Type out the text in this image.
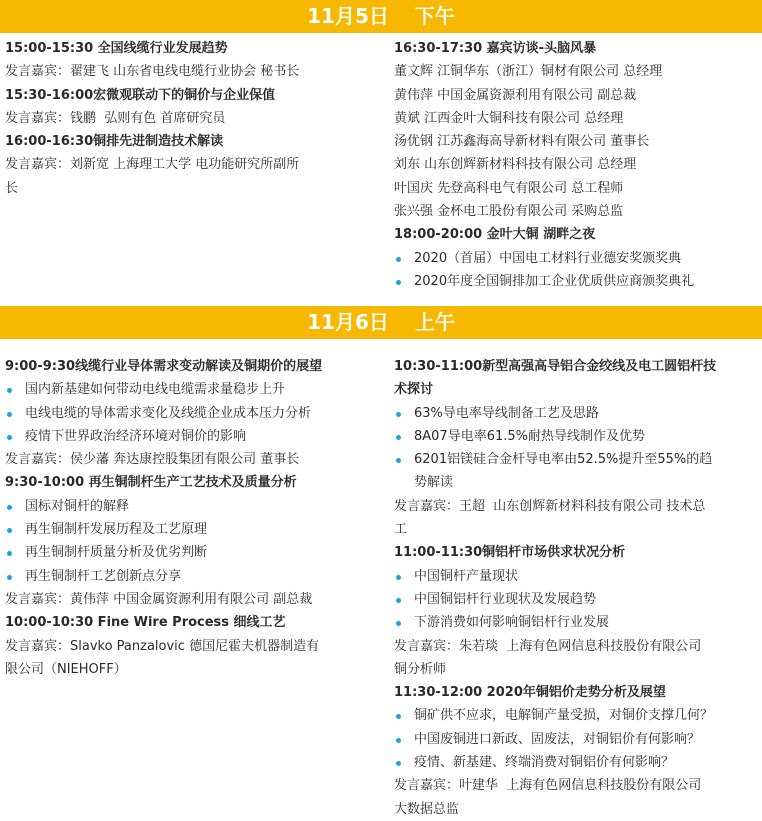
11月5日 下午
15:00-15:30 全国线缆行业发展趋势
发言嘉宾：翟建飞 山东省电线电缆行业协会 秘书长
15:30-16:00宏微观联动下的铜价与企业保值
发言嘉宾：钱鹏  弘则有色 首席研究员
16:00-16:30铜排先进制造技术解读
发言嘉宾：刘新宽 上海理工大学 电功能研究所副所
长
16:30-17:30 嘉宾访谈-头脑风暴
董文辉 江铜华东（浙江）铜材有限公司 总经理
黄伟萍 中国金属资源利用有限公司 副总裁
黄斌 江西金叶大铜科技有限公司 总经理
汤优钢 江苏鑫海高导新材料有限公司 董事长
刘东 山东创辉新材料科技有限公司 总经理
叶国庆 先登高科电气有限公司 总工程师
张兴强 金杯电工股份有限公司 采购总监
18:00-20:00 金叶大铜 湖畔之夜
2020（首届）中国电工材料行业德安奖颁奖典
2020年度全国铜排加工企业优质供应商颁奖典礼
11月6日 上午
9:00-9:30线缆行业导体需求变动解读及铜期价的展望
国内新基建如何带动电线电缆需求量稳步上升
电线电缆的导体需求变化及线缆企业成本压力分析
疫情下世界政治经济环境对铜价的影响
发言嘉宾：侯少藩 奔达康控股集团有限公司 董事长
9:30-10:00 再生铜制杆生产工艺技术及质量分析
国标对铜杆的解释
再生铜制杆发展历程及工艺原理
再生铜制杆质量分析及优劣判断
再生铜制杆工艺创新点分享
发言嘉宾：黄伟萍 中国金属资源利用有限公司 副总裁
10:00-10:30 Fine Wire Process 细线工艺
发言嘉宾：Slavko Panzalovic 德国尼霍夫机器制造有
限公司（NIEHOFF）
10:30-11:00新型高强高导铝合金绞线及电工圆铝杆技
术探讨
63%导电率导线制备工艺及思路
8A07导电率61.5%耐热导线制作及优势
6201铝镁硅合金杆导电率由52.5%提升至55%的趋
势解读
发言嘉宾：王超  山东创辉新材料科技有限公司 技术总
工
11:00-11:30铜铝杆市场供求状况分析
中国铜杆产量现状
中国铜铝杆行业现状及发展趋势
下游消费如何影响铜铝杆行业发展
发言嘉宾：朱若琰  上海有色网信息科技股份有限公司
铜分析师
11:30-12:00 2020年铜铝价走势分析及展望
铜矿供不应求，电解铜产量受损，对铜价支撑几何？
中国废铜进口新政、固废法，对铜铝价有何影响？
疫情、新基建、终端消费对铜铝价有何影响？
发言嘉宾：叶建华  上海有色网信息科技股份有限公司
大数据总监
